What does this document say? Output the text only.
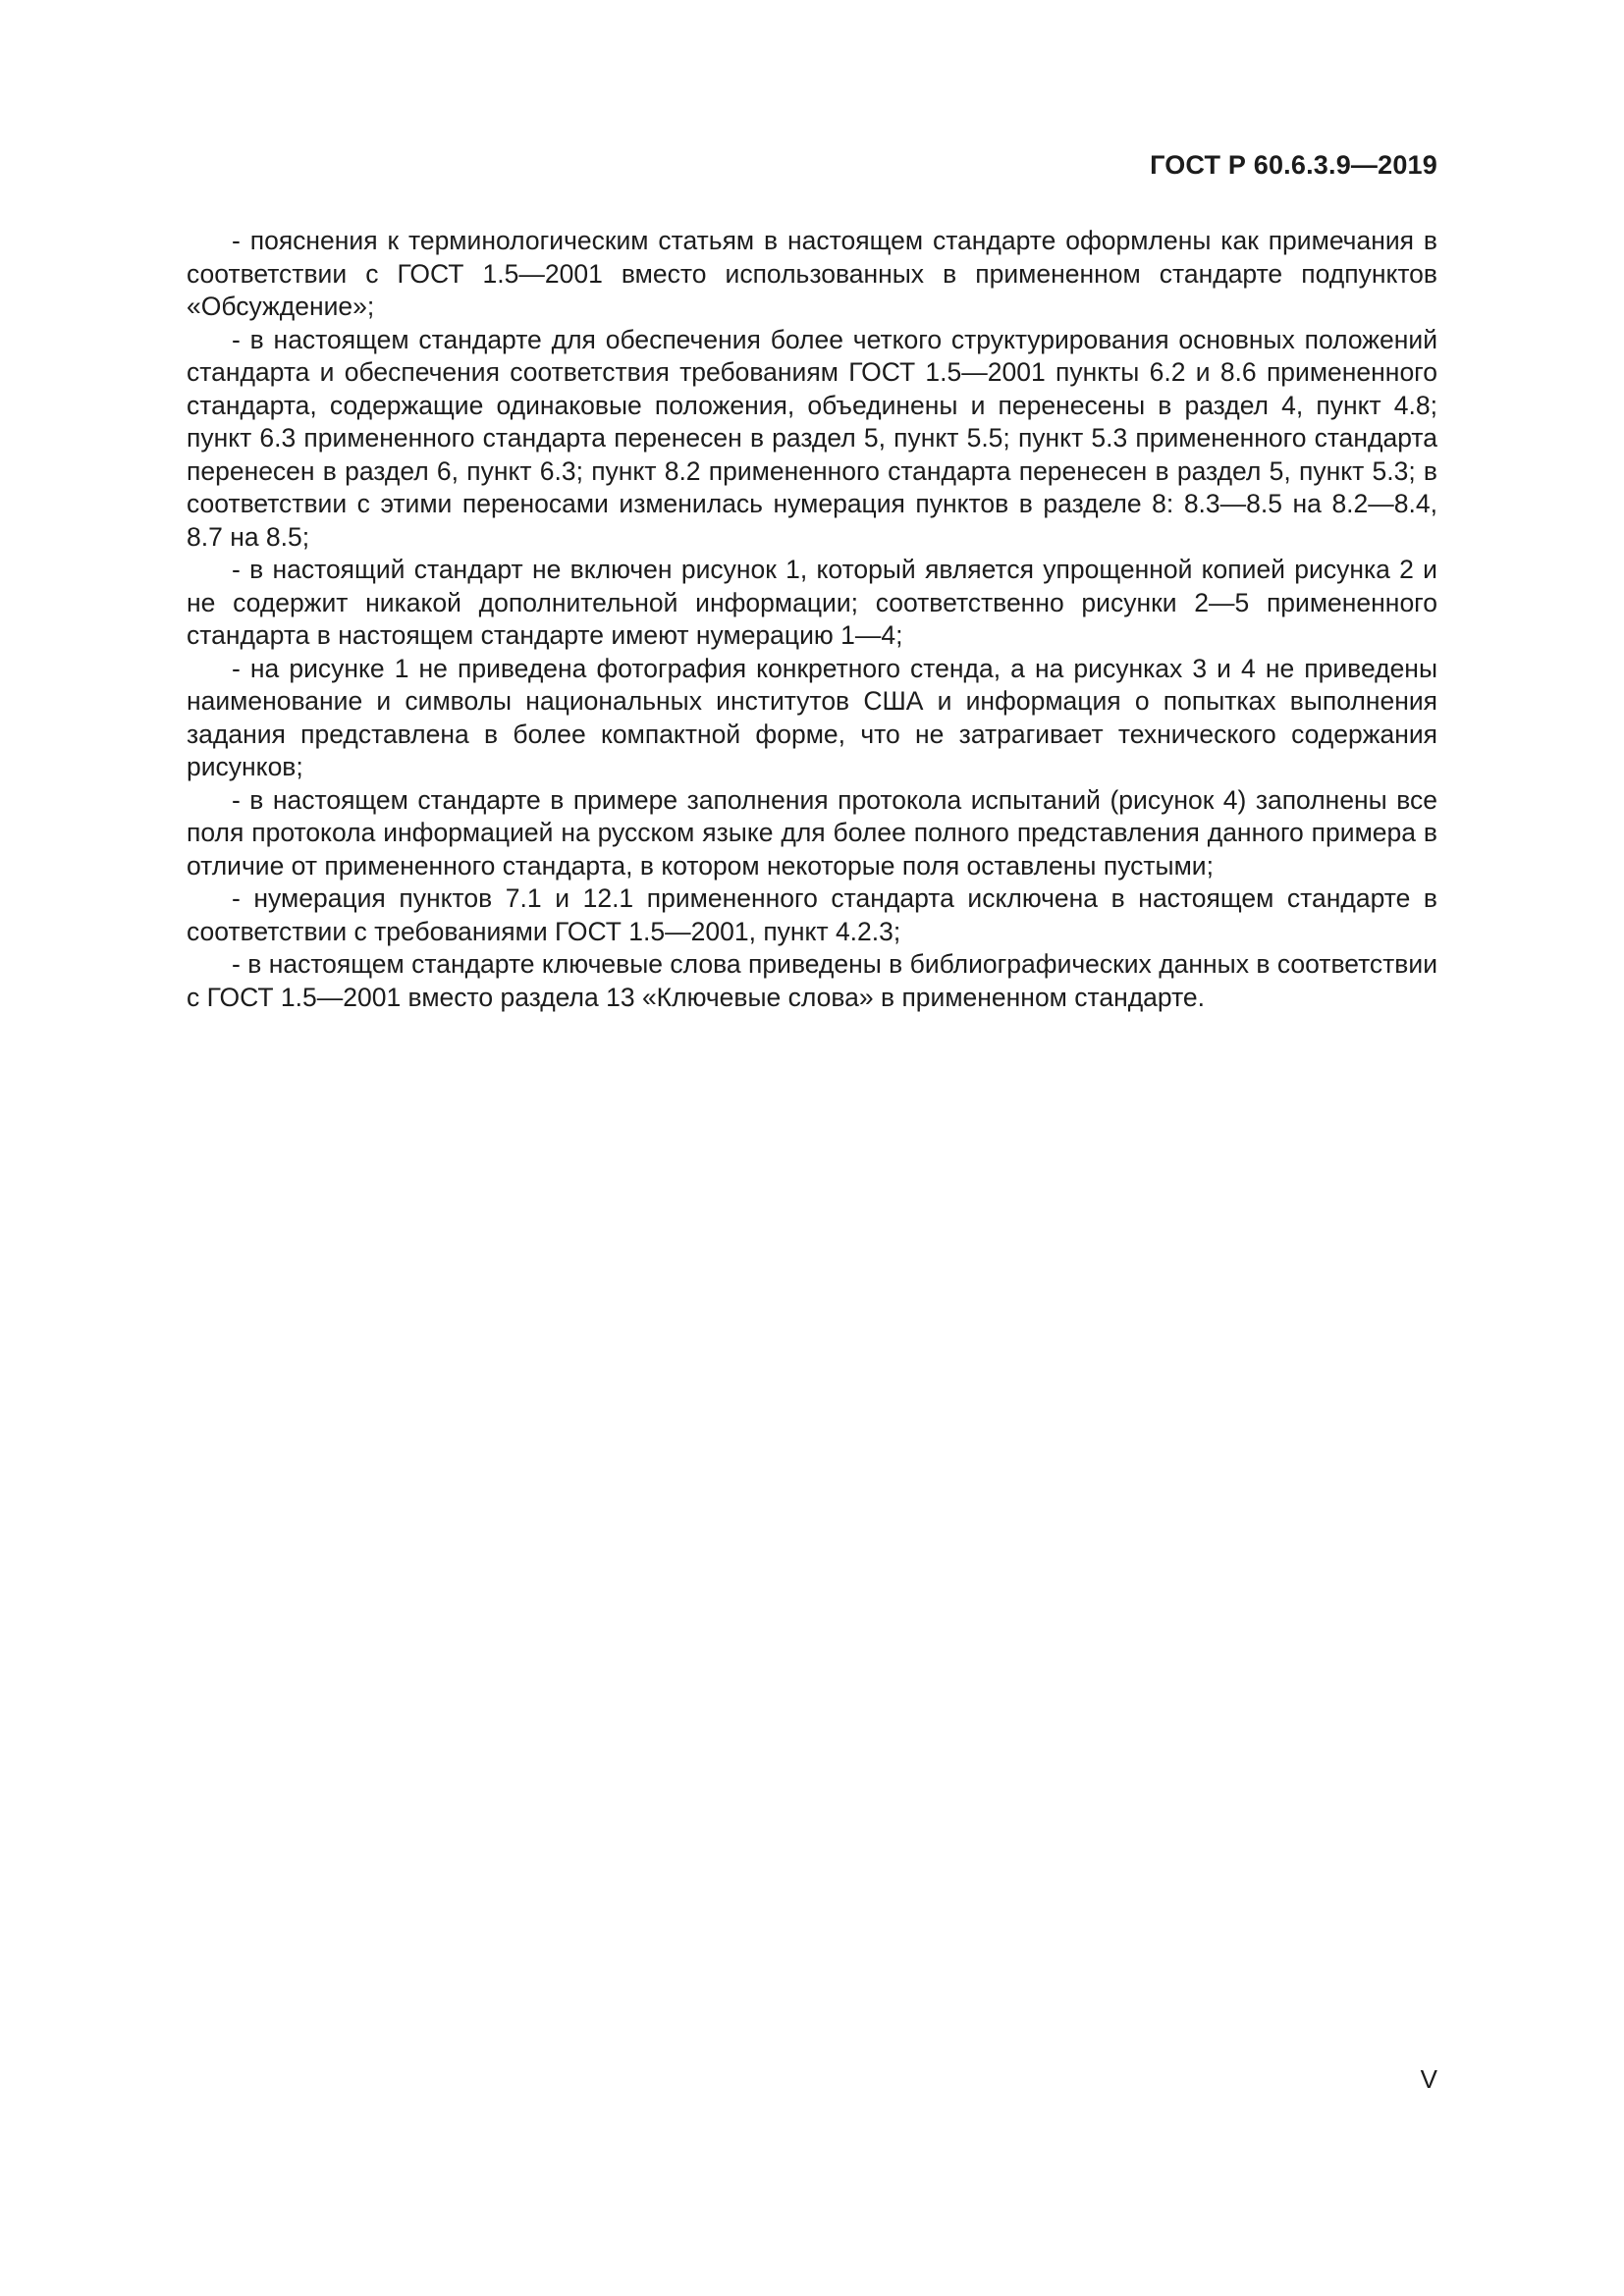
ГОСТ Р 60.6.3.9—2019

- пояснения к терминологическим статьям в настоящем стандарте оформлены как примечания в соответствии с ГОСТ 1.5—2001 вместо использованных в примененном стандарте подпунктов «Обсуждение»;

- в настоящем стандарте для обеспечения более четкого структурирования основных положений стандарта и обеспечения соответствия требованиям ГОСТ 1.5—2001 пункты 6.2 и 8.6 примененного стандарта, содержащие одинаковые положения, объединены и перенесены в раздел 4, пункт 4.8; пункт 6.3 примененного стандарта перенесен в раздел 5, пункт 5.5; пункт 5.3 примененного стандарта перенесен в раздел 6, пункт 6.3; пункт 8.2 примененного стандарта перенесен в раздел 5, пункт 5.3; в соответствии с этими переносами изменилась нумерация пунктов в разделе 8: 8.3—8.5 на 8.2—8.4, 8.7 на 8.5;

- в настоящий стандарт не включен рисунок 1, который является упрощенной копией рисунка 2 и не содержит никакой дополнительной информации; соответственно рисунки 2—5 примененного стандарта в настоящем стандарте имеют нумерацию 1—4;

- на рисунке 1 не приведена фотография конкретного стенда, а на рисунках 3 и 4 не приведены наименование и символы национальных институтов США и информация о попытках выполнения задания представлена в более компактной форме, что не затрагивает технического содержания рисунков;

- в настоящем стандарте в примере заполнения протокола испытаний (рисунок 4) заполнены все поля протокола информацией на русском языке для более полного представления данного примера в отличие от примененного стандарта, в котором некоторые поля оставлены пустыми;

- нумерация пунктов 7.1 и 12.1 примененного стандарта исключена в настоящем стандарте в соответствии с требованиями ГОСТ 1.5—2001, пункт 4.2.3;

- в настоящем стандарте ключевые слова приведены в библиографических данных в соответствии с ГОСТ 1.5—2001 вместо раздела 13 «Ключевые слова» в примененном стандарте.

V
